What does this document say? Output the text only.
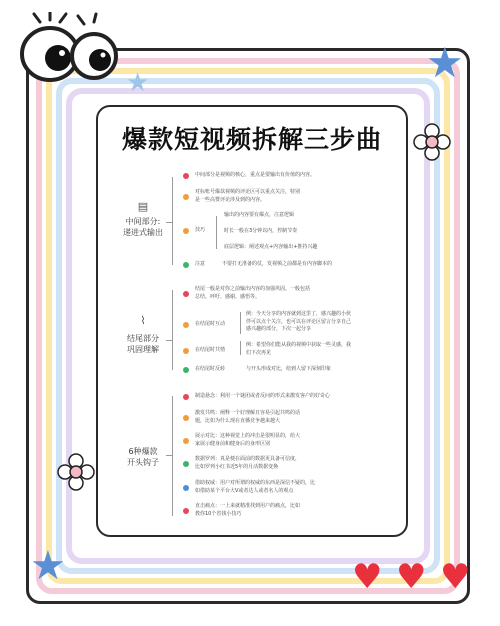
★
★
★	♥ ♥ ♥
爆款短视频拆解三步曲
▤
中间部分:
递进式输出
中间部分是视频的核心，重点是要输出有价值的内容。
对标账号爆款视频的评论区可以重点关注，特别
是一些高赞评论涉及到的内容。
技巧
输出的内容要有爆点，注意逻辑
时长一般在3分钟以内，控制节奏
底层逻辑：阐述观点+内容输出+推持兴趣
注意	不要打无准备的仗，发视频之前都是有内容脚本的
⌇
结尾部分
巩固理解
结尾一般是对你之前输出内容的加强巩固。一般包括
总结、呼吁、感谢、感悟等。
在结尾时互动
例：今天分享的内容就到这里了，感兴趣的小伙
伴可以点个关注，也可以在评论区留言分享自己
感兴趣的部分，下次一起分享
在结尾时共情
例：希望你们能从我的视频中获取一些灵感，我
们下次再见
在结尾时反转	与开头形成对比，给到人留下深刻印象
6种爆款
开头钩子
制造悬念：利用一个谜团或者反问的形式来激发客户的好奇心
激发共鸣：阐释一个好理解且容易引起共鸣的话
题，比如为什么现在直播竞争越来越大
展示对比：这种视觉上的冲击是很明显的，给大
家展示健身前和健身后的身形区别
数据罗列：真是便在面前的数据更具备可信度，
比如罗列小红书近5年的月活数据变换
借助权威：用户对所谓的权威的东西是深信不疑的，比
如借助某个平台大V或者达人或者名人的观点
直击痛点：一上来就精准找到用户的痛点，比如
教你10个省钱小技巧
